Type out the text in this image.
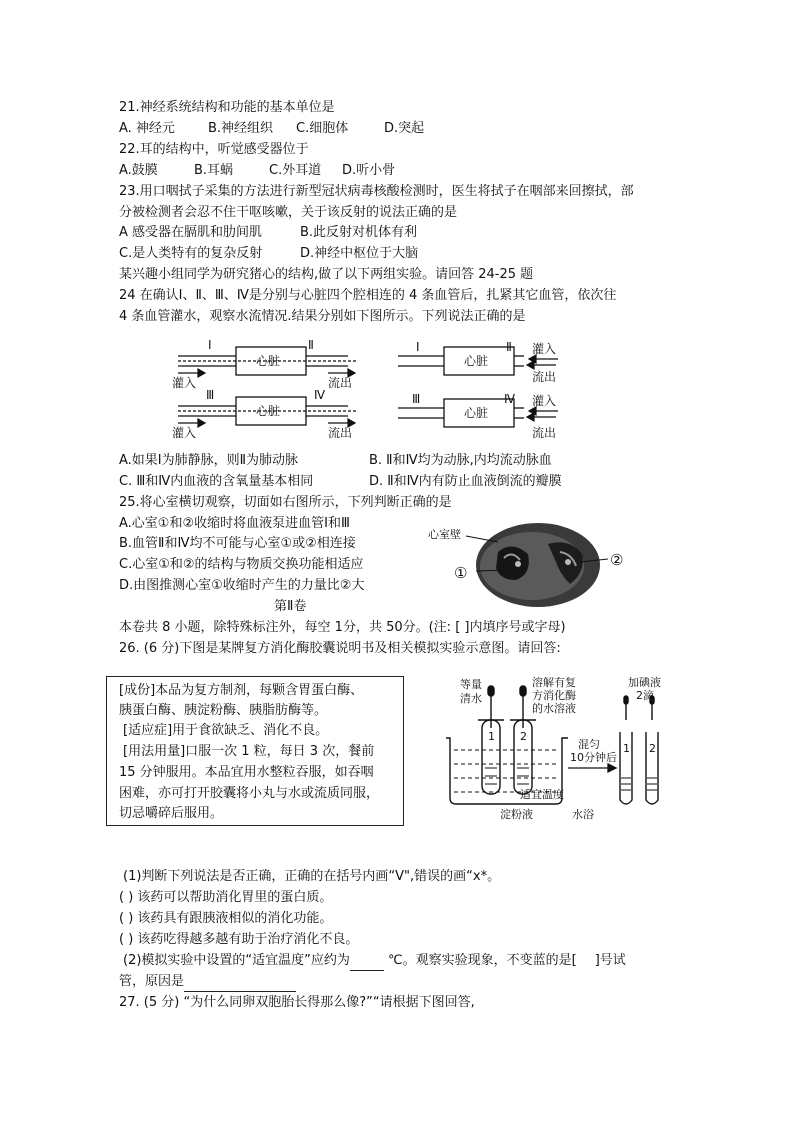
21.神经系统结构和功能的基本单位是
A. 神经元	B.神经组织 C.细胞体	D.突起
22.耳的结构中，听觉感受器位于
A.鼓膜	B.耳蜗	C.外耳道 D.听小骨
23.用口咽拭子采集的方法进行新型冠状病毒核酸检测时，医生将拭子在咽部来回擦拭，部
分被检测者会忍不住干呕咳嗽，关于该反射的说法正确的是
A 感受器在膈肌和肋间肌	B.此反射对机体有利
C.是人类特有的复杂反射	D.神经中枢位于大脑
某兴趣小组同学为研究猪心的结构,做了以下两组实验。请回答 24-25 题
24 在确认Ⅰ、Ⅱ、Ⅲ、Ⅳ是分别与心脏四个腔相连的 4 条血管后，扎紧其它血管，依次往
4 条血管灌水，观察水流情况.结果分别如下图所示。下列说法正确的是
心脏
心脏
心脏
心脏
Ⅰ	Ⅱ
Ⅲ	Ⅳ
Ⅰ	Ⅱ
Ⅲ	Ⅳ
灌入
灌入
流出
流出
灌入
流出
灌入
流出
A.如果Ⅰ为肺静脉，则Ⅱ为肺动脉	B. Ⅱ和Ⅳ均为动脉,内均流动脉血
C. Ⅲ和Ⅳ内血液的含氧量基本相同	D. Ⅱ和Ⅳ内有防止血液倒流的瓣膜
25.将心室横切观察，切面如右图所示，下列判断正确的是
A.心室①和②收缩时将血液泵进血管Ⅰ和Ⅲ
B.血管Ⅱ和Ⅳ均不可能与心室①或②相连接
C.心室①和②的结构与物质交换功能相适应
D.由图推测心室①收缩时产生的力量比②大
心室壁
①
②
第Ⅱ卷
本卷共 8 小题，除特殊标注外，每空 1分，共 50分。(注: [ ]内填序号或字母)
26. (6 分)下图是某牌复方消化酶胶囊说明书及相关模拟实验示意图。请回答:
[成份]本品为复方制剂，每颗含胃蛋白酶、
胰蛋白酶、胰淀粉酶、胰脂肪酶等。
[适应症]用于食欲缺乏、消化不良。
[用法用量]口服一次 1 粒，每日 3 次，餐前
15 分钟服用。本品宜用水整粒吞服，如吞咽
困难，亦可打开胶囊将小丸与水或流质同服，
切忌嚼碎后服用。
等量
清水
溶解有复
方消化酶
的水溶液
加碘液
2滴
混匀
10分钟后
淀粉液
适宜温度
水浴
1 2
1 2
(1)判断下列说法是否正确，正确的在括号内画“V",错误的画“x*。
( ) 该药可以帮助消化胃里的蛋白质。
( ) 该药具有跟胰液相似的消化功能。
( ) 该药吃得越多越有助于治疗消化不良。
(2)模拟实验中设置的“适宜温度”应约为	℃。观察实验现象，不变蓝的是[ ]号试
管，原因是
27. (5 分) “为什么同卵双胞胎长得那么像?”“请根据下图回答,
